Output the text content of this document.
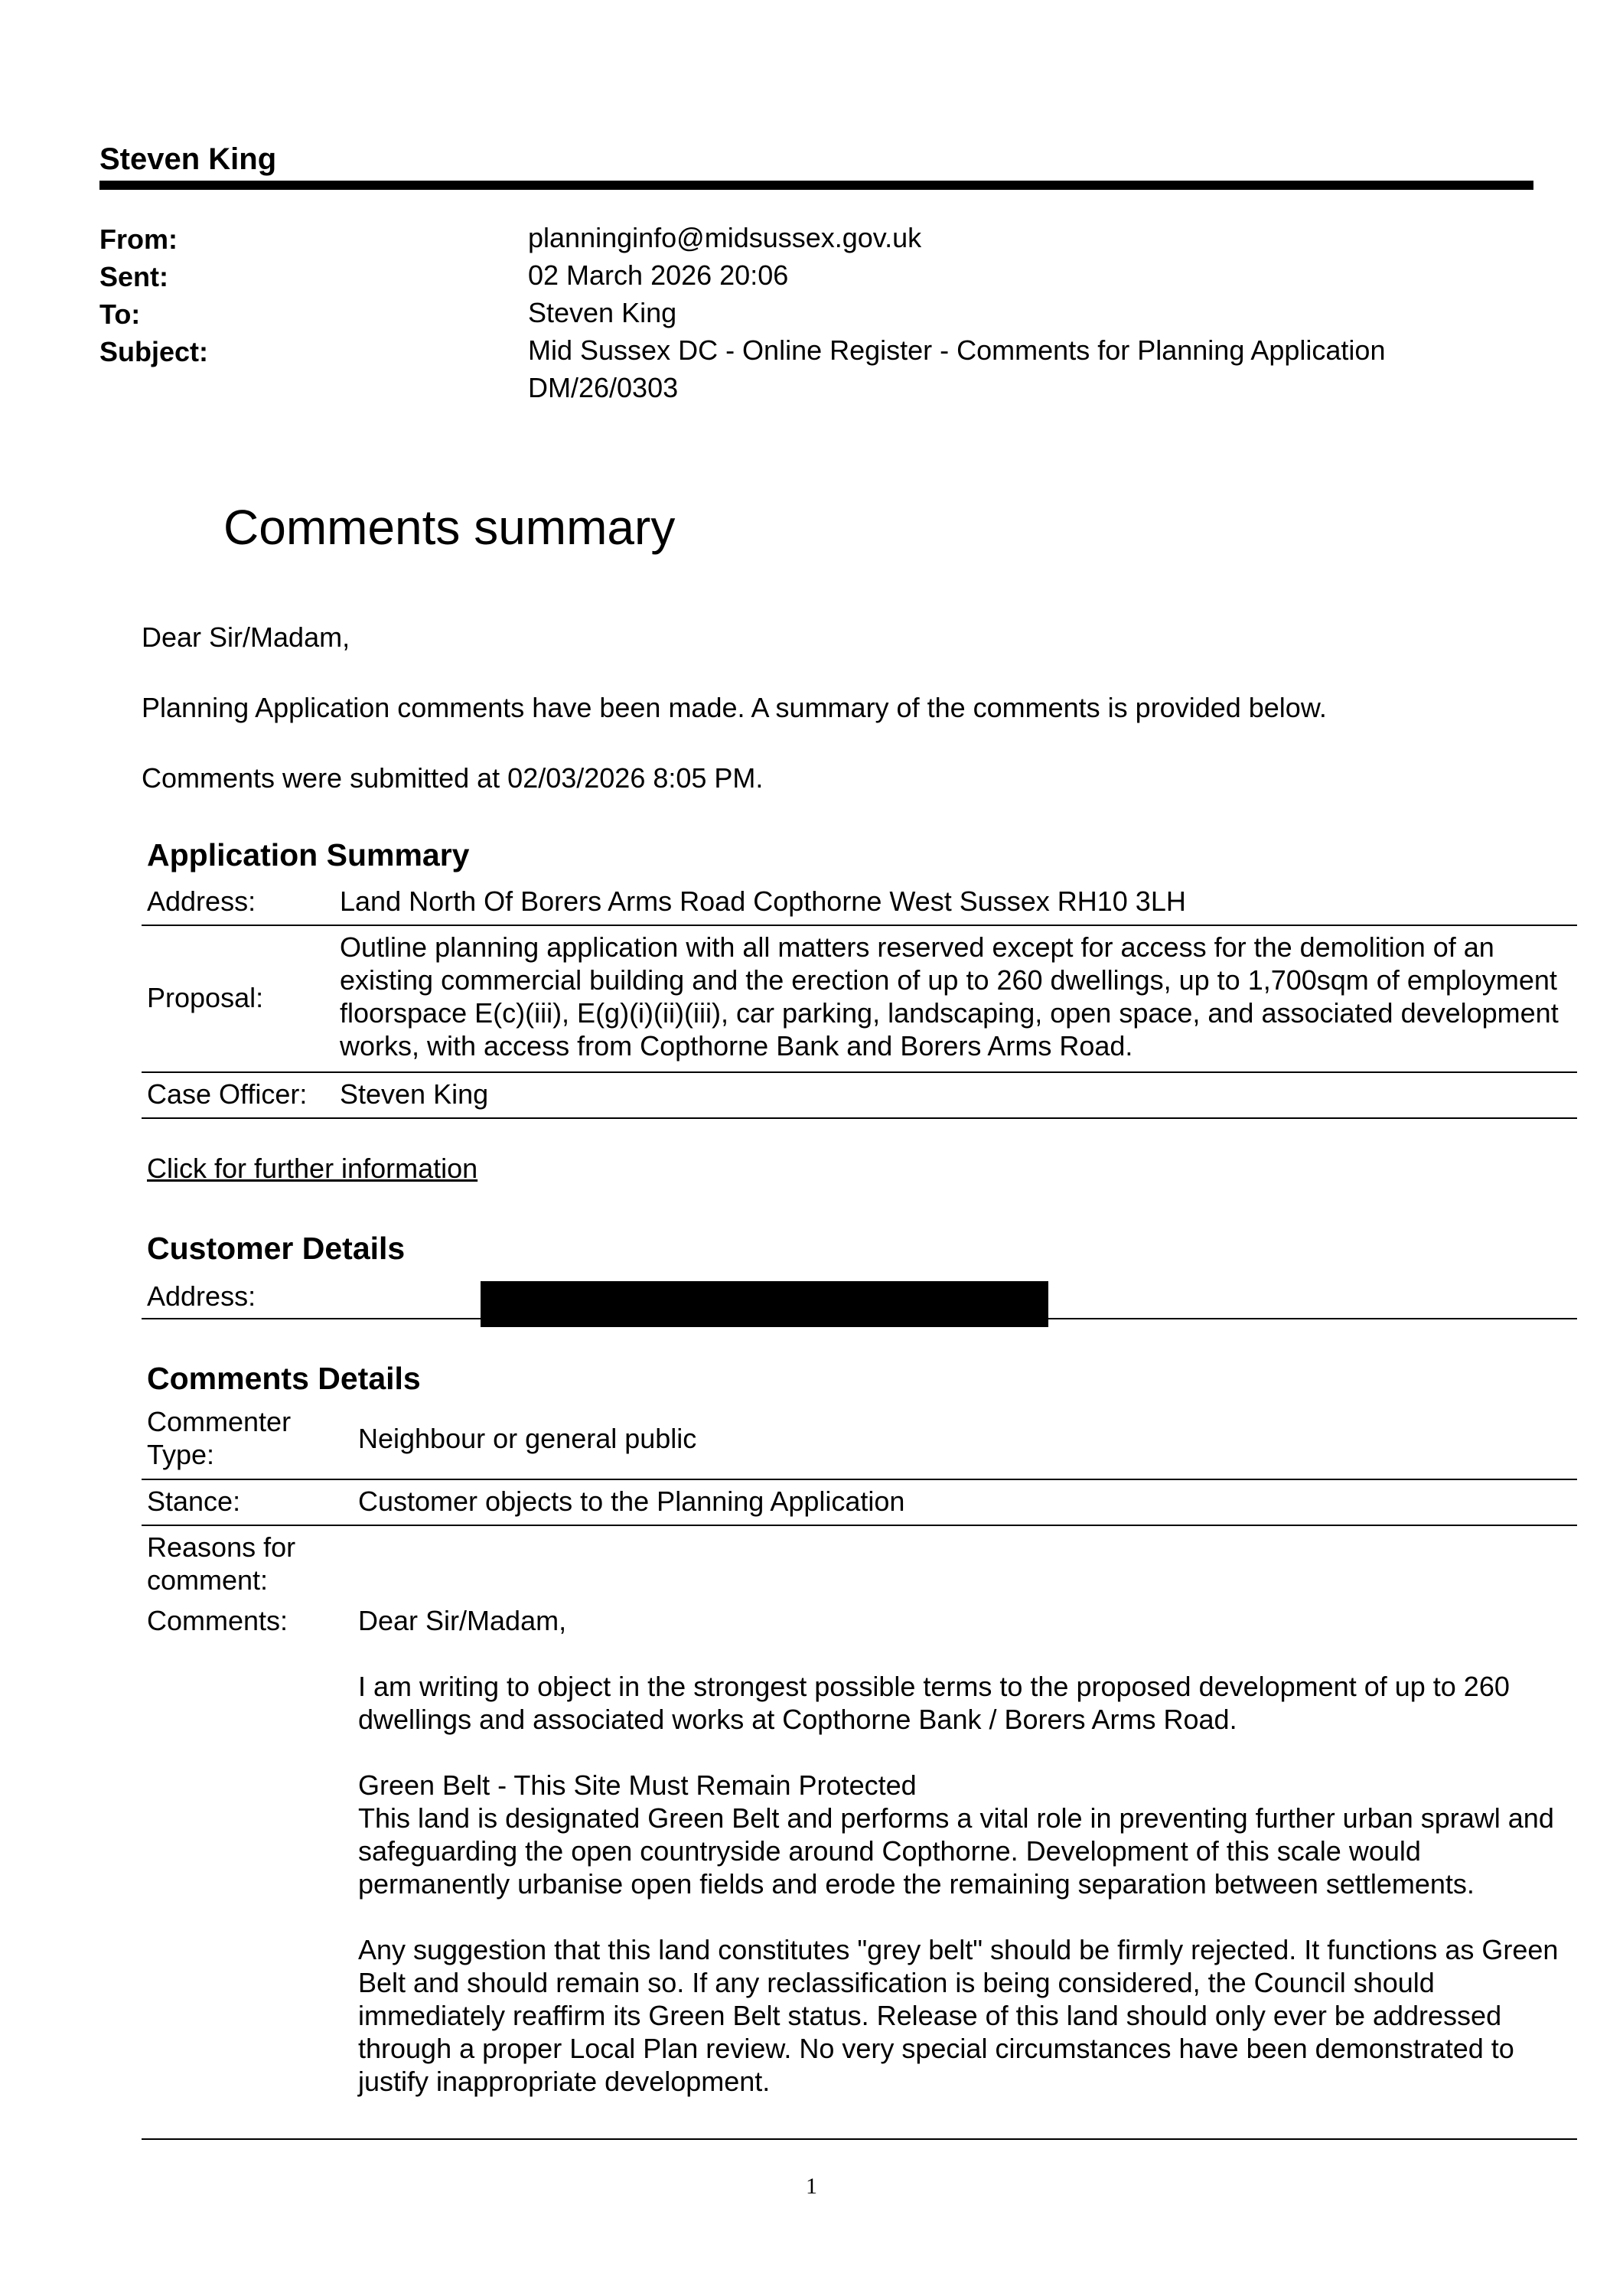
Steven King
From:	planninginfo@midsussex.gov.uk
Sent:	02 March 2026 20:06
To:	Steven King
Subject:	Mid Sussex DC - Online Register - Comments for Planning Application DM/26/0303
Comments summary
Dear Sir/Madam,
Planning Application comments have been made. A summary of the comments is provided below.
Comments were submitted at 02/03/2026 8:05 PM.
Application Summary
Address:	Land North Of Borers Arms Road Copthorne West Sussex RH10 3LH
Proposal:
Outline planning application with all matters reserved except for access for the demolition of an existing commercial building and the erection of up to 260 dwellings, up to 1,700sqm of employment floorspace E(c)(iii), E(g)(i)(ii)(iii), car parking, landscaping, open space, and associated development works, with access from Copthorne Bank and Borers Arms Road.
Case Officer: Steven King
Click for further information
Customer Details
Address:
Comments Details
Commenter Type:
Neighbour or general public
Stance:	Customer objects to the Planning Application
Reasons for comment:
Comments:	Dear Sir/Madam,

I am writing to object in the strongest possible terms to the proposed development of up to 260 dwellings and associated works at Copthorne Bank / Borers Arms Road.

Green Belt - This Site Must Remain Protected

This land is designated Green Belt and performs a vital role in preventing further urban sprawl and safeguarding the open countryside around Copthorne. Development of this scale would permanently urbanise open fields and erode the remaining separation between settlements.

Any suggestion that this land constitutes "grey belt" should be firmly rejected. It functions as Green Belt and should remain so. If any reclassification is being considered, the Council should immediately reaffirm its Green Belt status. Release of this land should only ever be addressed through a proper Local Plan review. No very special circumstances have been demonstrated to justify inappropriate development.

1
